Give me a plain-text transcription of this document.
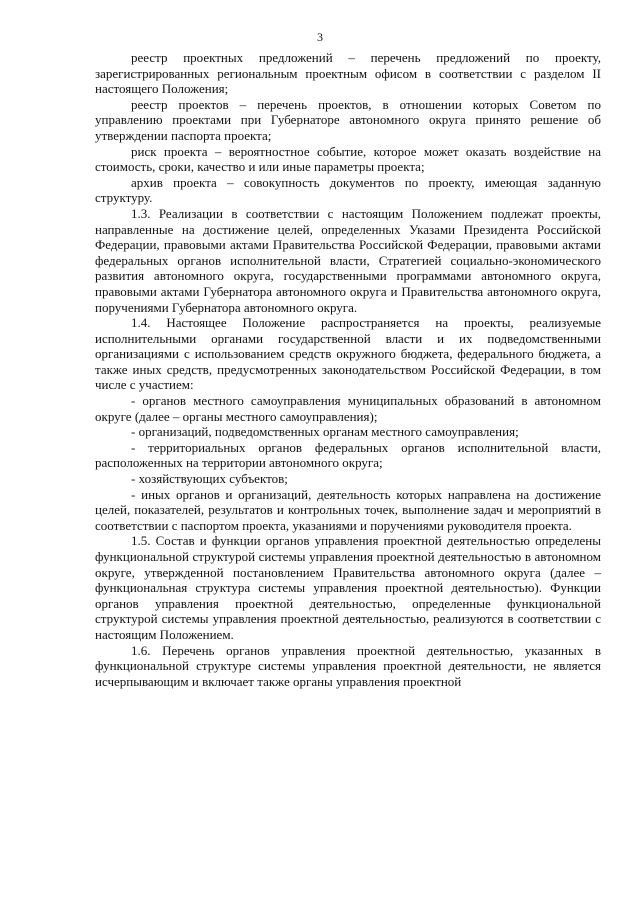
3

реестр проектных предложений – перечень предложений по проекту, зарегистрированных региональным проектным офисом в соответствии с разделом II настоящего Положения;

реестр проектов – перечень проектов, в отношении которых Советом по управлению проектами при Губернаторе автономного округа принято решение об утверждении паспорта проекта;

риск проекта – вероятностное событие, которое может оказать воздействие на стоимость, сроки, качество и или иные параметры проекта;

архив проекта – совокупность документов по проекту, имеющая заданную структуру.

1.3. Реализации в соответствии с настоящим Положением подлежат проекты, направленные на достижение целей, определенных Указами Президента Российской Федерации, правовыми актами Правительства Российской Федерации, правовыми актами федеральных органов исполнительной власти, Стратегией социально-экономического развития автономного округа, государственными программами автономного округа, правовыми актами Губернатора автономного округа и Правительства автономного округа, поручениями Губернатора автономного округа.

1.4. Настоящее Положение распространяется на проекты, реализуемые исполнительными органами государственной власти и их подведомственными организациями с использованием средств окружного бюджета, федерального бюджета, а также иных средств, предусмотренных законодательством Российской Федерации, в том числе с участием:

- органов местного самоуправления муниципальных образований в автономном округе (далее – органы местного самоуправления);

- организаций, подведомственных органам местного самоуправления;

- территориальных органов федеральных органов исполнительной власти, расположенных на территории автономного округа;

- хозяйствующих субъектов;

- иных органов и организаций, деятельность которых направлена на достижение целей, показателей, результатов и контрольных точек, выполнение задач и мероприятий в соответствии с паспортом проекта, указаниями и поручениями руководителя проекта.

1.5. Состав и функции органов управления проектной деятельностью определены функциональной структурой системы управления проектной деятельностью в автономном округе, утвержденной постановлением Правительства автономного округа (далее – функциональная структура системы управления проектной деятельностью). Функции органов управления проектной деятельностью, определенные функциональной структурой системы управления проектной деятельностью, реализуются в соответствии с настоящим Положением.

1.6. Перечень органов управления проектной деятельностью, указанных в функциональной структуре системы управления проектной деятельности, не является исчерпывающим и включает также органы управления проектной
